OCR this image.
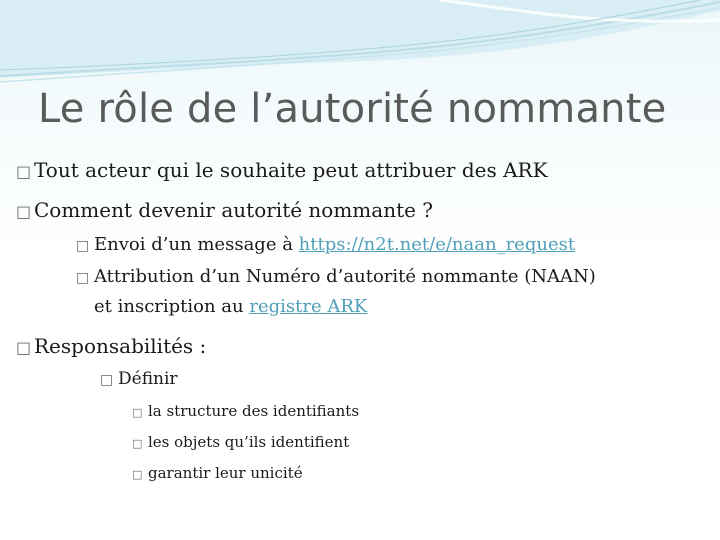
Le rôle de l’autorité nommante
□ Tout acteur qui le souhaite peut attribuer des ARK
□ Comment devenir autorité nommante ?
□ Envoi d’un message à https://n2t.net/e/naan_request
□ Attribution d’un Numéro d’autorité nommante (NAAN)
et inscription au registre ARK
□ Responsabilités :
□ Définir
□ la structure des identifiants
□ les objets qu’ils identifient
□ garantir leur unicité
